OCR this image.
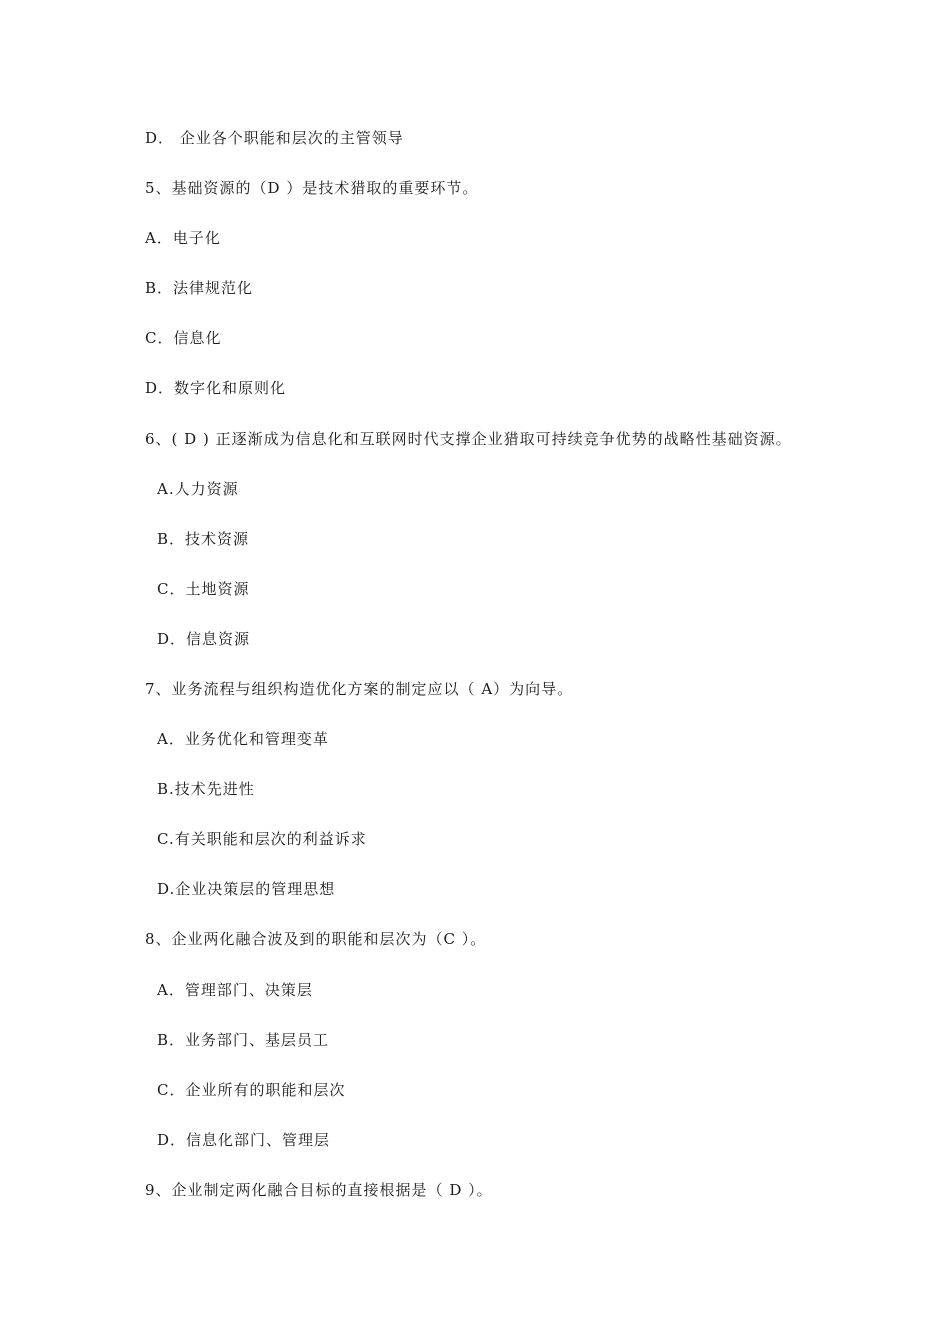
D． 企业各个职能和层次的主管领导
5、基础资源的（D ）是技术猎取的重要环节。
A．电子化
B．法律规范化
C．信息化
D．数字化和原则化
6、( D ) 正逐渐成为信息化和互联网时代支撑企业猎取可持续竞争优势的战略性基础资源。
A.人力资源
B．技术资源
C．土地资源
D．信息资源
7、业务流程与组织构造优化方案的制定应以（ A）为向导。
A．业务优化和管理变革
B.技术先进性
C.有关职能和层次的利益诉求
D.企业决策层的管理思想
8、企业两化融合波及到的职能和层次为（C ）。
A．管理部门、决策层
B．业务部门、基层员工
C．企业所有的职能和层次
D．信息化部门、管理层
9、企业制定两化融合目标的直接根据是（ D ）。
